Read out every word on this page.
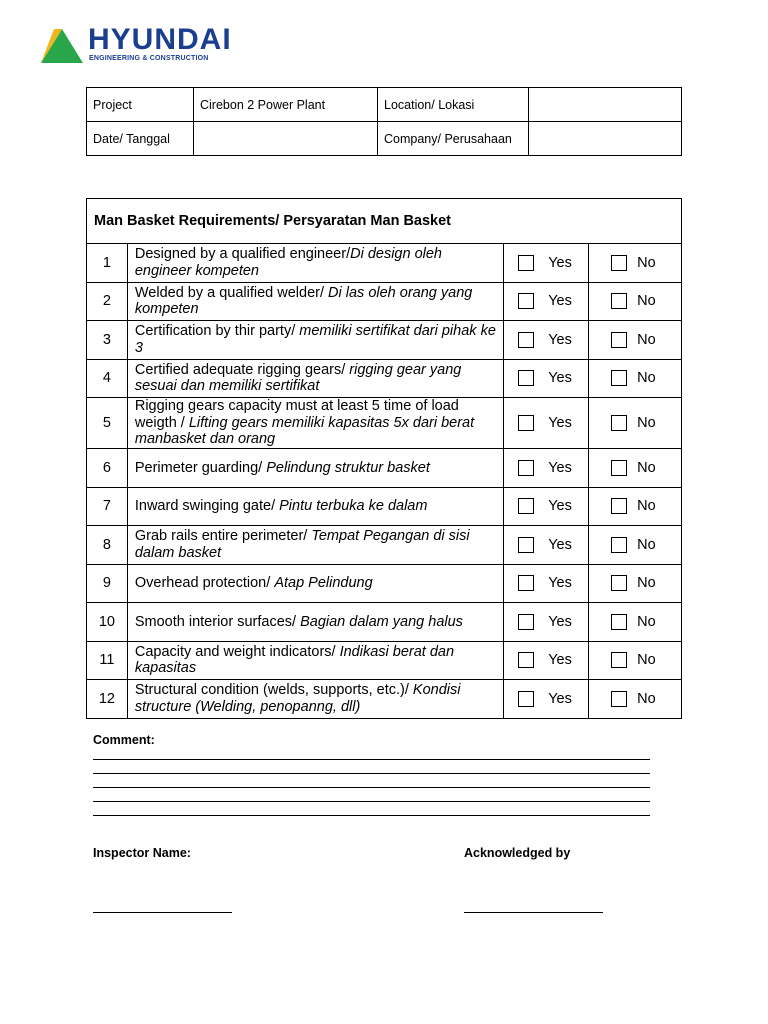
HYUNDAI
ENGINEERING & CONSTRUCTION
Project	Cirebon 2 Power Plant	Location/ Lokasi	
Date/ Tanggal		Company/ Perusahaan	
Man Basket Requirements/ Persyaratan Man Basket			
1	Designed by a qualified engineer/Di design oleh engineer kompeten	Yes	No

2	Welded by a qualified welder/ Di las oleh orang yang kompeten	Yes	No

3	Certification by thir party/ memiliki sertifikat dari pihak ke 3	Yes	No

4	Certified adequate rigging gears/ rigging gear yang sesuai dan memiliki sertifikat	Yes	No

5	Rigging gears capacity must at least 5 time of load weigth / Lifting gears memiliki kapasitas 5x dari berat manbasket dan orang	Yes	No

6	Perimeter guarding/ Pelindung struktur basket	Yes	No

7	Inward swinging gate/ Pintu terbuka ke dalam	Yes	No

8	Grab rails entire perimeter/ Tempat Pegangan di sisi dalam basket	Yes	No

9	Overhead protection/ Atap Pelindung	Yes	No

10	Smooth interior surfaces/ Bagian dalam yang halus	Yes	No

11	Capacity and weight indicators/ Indikasi berat dan kapasitas	Yes	No

12	Structural condition (welds, supports, etc.)/ Kondisi structure (Welding, penopanng, dll)	Yes	No
Comment:
Inspector Name:	Acknowledged by
